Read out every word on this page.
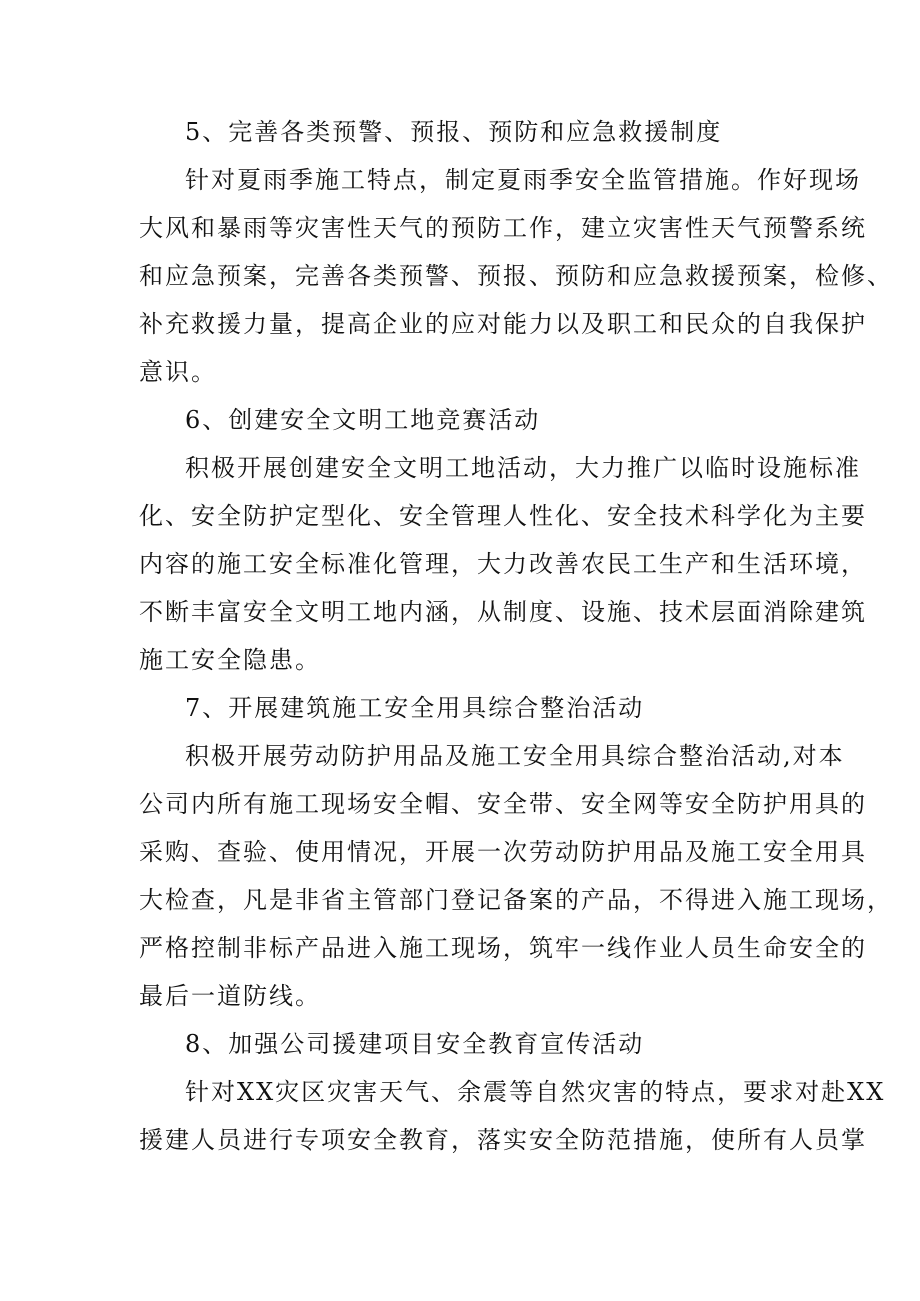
5、完善各类预警、预报、预防和应急救援制度
针对夏雨季施工特点，制定夏雨季安全监管措施。作好现场
大风和暴雨等灾害性天气的预防工作，建立灾害性天气预警系统
和应急预案，完善各类预警、预报、预防和应急救援预案，检修、
补充救援力量，提高企业的应对能力以及职工和民众的自我保护
意识。
6、创建安全文明工地竞赛活动
积极开展创建安全文明工地活动，大力推广以临时设施标准
化、安全防护定型化、安全管理人性化、安全技术科学化为主要
内容的施工安全标准化管理，大力改善农民工生产和生活环境，
不断丰富安全文明工地内涵，从制度、设施、技术层面消除建筑
施工安全隐患。
7、开展建筑施工安全用具综合整治活动
积极开展劳动防护用品及施工安全用具综合整治活动,对本
公司内所有施工现场安全帽、安全带、安全网等安全防护用具的
采购、查验、使用情况，开展一次劳动防护用品及施工安全用具
大检查，凡是非省主管部门登记备案的产品，不得进入施工现场，
严格控制非标产品进入施工现场，筑牢一线作业人员生命安全的
最后一道防线。
8、加强公司援建项目安全教育宣传活动
针对XX灾区灾害天气、余震等自然灾害的特点，要求对赴XX
援建人员进行专项安全教育，落实安全防范措施，使所有人员掌
